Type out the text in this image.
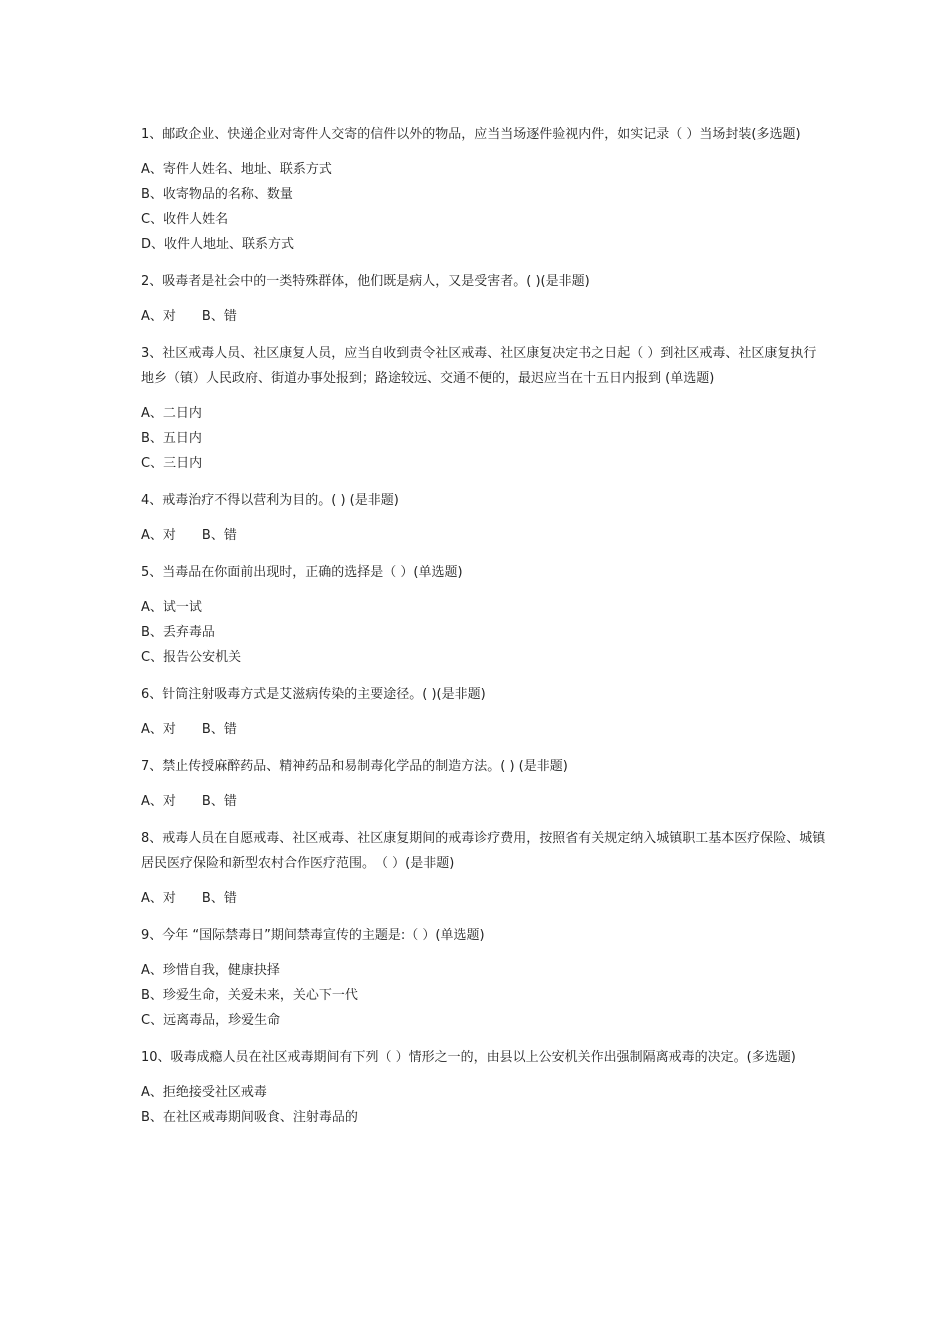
1、邮政企业、快递企业对寄件人交寄的信件以外的物品，应当当场逐件验视内件，如实记录（ ）当场封装(多选题)
A、寄件人姓名、地址、联系方式
B、收寄物品的名称、数量
C、收件人姓名
D、收件人地址、联系方式
2、吸毒者是社会中的一类特殊群体，他们既是病人，又是受害者。( )(是非题)
A、对 B、错
3、社区戒毒人员、社区康复人员，应当自收到责令社区戒毒、社区康复决定书之日起（ ）到社区戒毒、社区康复执行地乡（镇）人民政府、街道办事处报到；路途较远、交通不便的，最迟应当在十五日内报到 (单选题)
A、二日内
B、五日内
C、三日内
4、戒毒治疗不得以营利为目的。( ) (是非题)
A、对 B、错
5、当毒品在你面前出现时，正确的选择是（ ）(单选题)
A、试一试
B、丢弃毒品
C、报告公安机关
6、针筒注射吸毒方式是艾滋病传染的主要途径。( )(是非题)
A、对 B、错
7、禁止传授麻醉药品、精神药品和易制毒化学品的制造方法。( ) (是非题)
A、对 B、错
8、戒毒人员在自愿戒毒、社区戒毒、社区康复期间的戒毒诊疗费用，按照省有关规定纳入城镇职工基本医疗保险、城镇居民医疗保险和新型农村合作医疗范围。　（ ）(是非题)
A、对 B、错
9、今年 “国际禁毒日”期间禁毒宣传的主题是:（ ）(单选题)
A、珍惜自我，健康抉择
B、珍爱生命，关爱未来，关心下一代
C、远离毒品，珍爱生命
10、吸毒成瘾人员在社区戒毒期间有下列（ ）情形之一的，由县以上公安机关作出强制隔离戒毒的决定。(多选题)
A、拒绝接受社区戒毒
B、在社区戒毒期间吸食、注射毒品的
